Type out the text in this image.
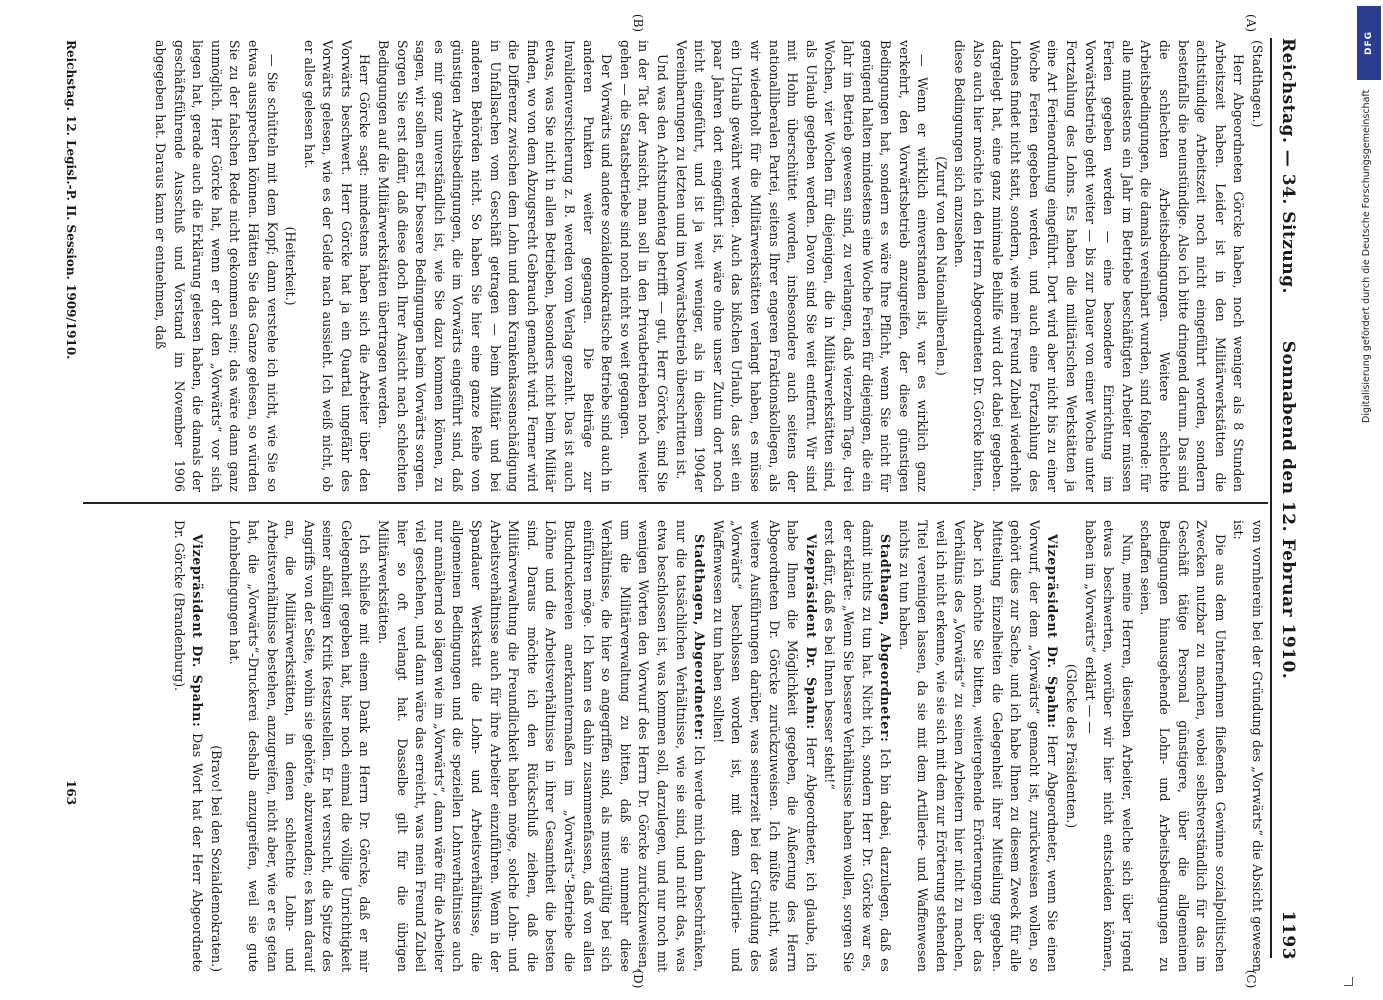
Reichstag. — 34. Sitzung.
Sonnabend den 12. Februar 1910.
1193
(A)
(B)
(C)
(D)

(Stadthagen.)

Herr Abgeordneten Görcke haben, noch weniger als 8 Stunden Arbeitszeit haben. Leider ist in den Militärwerkstätten die achtstündige Arbeitszeit noch nicht eingeführt worden, sondern bestenfalls die neunstündige. Also ich bitte dringend darum. Das sind die schlechten Arbeitsbedingungen. Weitere schlechte Arbeitsbedingungen, die damals vereinbart wurden, sind folgende: für alle mindestens ein Jahr im Betriebe beschäftigten Arbeiter müssen Ferien gegeben werden — eine besondere Einrichtung im Vorwärtsbetrieb geht weiter — bis zur Dauer von einer Woche unter Fortzahlung des Lohns. Es haben die militärischen Werkstätten ja eine Art Ferienordnung eingeführt. Dort wird aber nicht bis zu einer Woche Ferien gegeben werden, und auch eine Fortzahlung des Lohnes findet nicht statt, sondern, wie mein Freund Zubeil wiederholt dargelegt hat, eine ganz minimale Beihilfe wird dort dabei gegeben. Also auch hier möchte ich den Herrn Abgeordneten Dr. Görcke bitten, diese Bedingungen sich anzusehen.

(Zuruf von den Nationalliberalen.)

— Wenn er wirklich einverstanden ist, war es wirklich ganz verkehrt, den Vorwärtsbetrieb anzugreifen, der diese günstigen Bedingungen hat, sondern es wäre Ihre Pflicht, wenn Sie nicht für genügend halten mindestens eine Woche Ferien für diejenigen, die ein Jahr im Betrieb gewesen sind, zu verlangen, daß vierzehn Tage, drei Wochen, vier Wochen für diejenigen, die in Militärwerkstätten sind, als Urlaub gegeben werden. Davon sind Sie weit entfernt. Wir sind mit Hohn überschüttet worden, insbesondere auch seitens der nationalliberalen Partei, seitens Ihrer engeren Fraktionskollegen, als wir wiederholt für die Militärwerkstätten verlangt haben, es müsse ein Urlaub gewährt werden. Auch das bißchen Urlaub, das seit ein paar Jahren dort eingeführt ist, wäre ohne unser Zutun dort noch nicht eingeführt, und ist ja weit weniger, als in diesem 1904er Vereinbarungen zu letzten und im Vorwärtsbetrieb überschritten ist.

Und was den Achtstundentag betrifft — gut, Herr Görcke, sind Sie in der Tat der Ansicht, man soll in den Privatbetrieben noch weiter gehen — die Staatsbetriebe sind noch nicht so weit gegangen.

Der Vorwärts und andere sozialdemokratische Betriebe sind auch in anderen Punkten weiter gegangen. Die Beiträge zur Invalidenversicherung z. B. werden vom Verlag gezahlt. Das ist auch etwas, was Sie nicht in allen Betrieben, besonders nicht beim Militär finden, wo von dem Abzugsrecht Gebrauch gemacht wird. Ferner wird die Differenz zwischen dem Lohn und dem Krankenkassenschädigung in Unfallsachen vom Geschäft getragen — beim Militär und bei anderen Behörden nicht. So haben Sie hier eine ganze Reihe von günstigen Arbeitsbedingungen, die im Vorwärts eingeführt sind, daß es mir ganz unverständlich ist, wie Sie dazu kommen können, zu sagen, wir sollen erst für bessere Bedingungen beim Vorwärts sorgen. Sorgen Sie erst dafür, daß diese doch Ihrer Ansicht nach schlechten Bedingungen auf die Militärwerkstätten übertragen werden.

Herr Görcke sagt: mindestens haben sich die Arbeiter über den Vorwärts beschwert. Herr Görcke hat ja ein Quartal ungefähr des Vorwärts gelesen, wie es der Gelde nach aussieht. Ich weiß nicht, ob er alles gelesen hat.

(Heiterkeit.)

— Sie schütteln mit dem Kopf; dann verstehe ich nicht, wie Sie so etwas aussprechen können. Hätten Sie das Ganze gelesen, so würden Sie zu der falschen Rede nicht gekommen sein; das wäre dann ganz unmöglich. Herr Görcke hat, wenn er dort den „Vorwärts“ vor sich liegen hat, gerade auch die Erklärung gelesen haben, die damals der geschäftsführende Ausschuß und Vorstand im November 1906 abgegeben hat. Daraus kann er entnehmen, daß

von vornherein bei der Gründung des „Vorwärts“ die Absicht gewesen ist:

Die aus dem Unternehmen fließenden Gewinne sozialpolitischen Zwecken nutzbar zu machen, wobei selbstverständlich für das im Geschäft tätige Personal günstigere, über die allgemeinen Bedingungen hinausgehende Lohn- und Arbeitsbedingungen zu schaffen seien.

Nun, meine Herren, dieselben Arbeiter, welche sich über irgend etwas beschwerten, worüber wir hier nicht entscheiden können, haben im „Vorwärts“ erklärt — —

(Glocke des Präsidenten.)

Vizepräsident Dr. Spahn: Herr Abgeordneter, wenn Sie einen Vorwurf, der dem „Vorwärts“ gemacht ist, zurückweisen wollen, so gehört dies zur Sache, und ich habe Ihnen zu diesem Zweck für alle Mitteilung Einzelheiten die Gelegenheit ihrer Mitteilung gegeben. Aber ich möchte Sie bitten, weitergehende Erörterungen über das Verhältnis des „Vorwärts“ zu seinen Arbeitern hier nicht zu machen, weil ich nicht erkenne, wie sie sich mit dem zur Erörterung stehenden Titel vereinigen lassen, da sie mit dem Artillerie- und Waffenwesen nichts zu tun haben.

Stadthagen, Abgeordneter: Ich bin dabei, darzulegen, daß es damit nichts zu tun hat. Nicht ich, sondern Herr Dr. Görcke war es, der erklärte: „Wenn Sie bessere Verhältnisse haben wollen, sorgen Sie erst dafür, daß es bei Ihnen besser steht!“

Vizepräsident Dr. Spahn: Herr Abgeordneter, ich glaube, ich habe Ihnen die Möglichkeit gegeben, die Äußerung des Herrn Abgeordneten Dr. Görcke zurückzuweisen. Ich müßte nicht, was weitere Ausführungen darüber, was seinerzeit bei der Gründung des „Vorwärts“ beschlossen worden ist, mit dem Artillerie- und Waffenwesen zu tun haben sollten!

Stadthagen, Abgeordneter: Ich werde mich dann beschränken, nur die tatsächlichen Verhältnisse, wie sie sind, und nicht das, was etwa beschlossen ist, was kommen soll, darzulegen, und nur noch mit wenigen Worten den Vorwurf des Herrn Dr. Görcke zurückzuweisen, um die Militärverwaltung zu bitten, daß sie nunmehr diese Verhältnisse, die hier so angegriffen sind, als mustergültig bei sich einführen möge. Ich kann es dahin zusammenfassen, daß von allen Buchdruckereien anerkanntermaßen im „Vorwärts“-Betriebe die Löhne und die Arbeitsverhältnisse in ihrer Gesamtheit die besten sind. Daraus möchte ich den Rückschluß ziehen, daß die Militärverwaltung die Freundlichkeit haben möge, solche Lohn- und Arbeitsverhältnisse auch für ihre Arbeiter einzuführen. Wenn in der Spandauer Werkstatt die Lohn- und Arbeitsverhältnisse, die allgemeinen Bedingungen und die speziellen Lohnverhältnisse auch nur annähernd so lägen wie im „Vorwärts“, dann wäre für die Arbeiter viel geschehen, und dann wäre das erreicht, was mein Freund Zubeil hier so oft verlangt hat. Dasselbe gilt für die übrigen Militärwerkstätten.

Ich schließe mit einem Dank an Herrn Dr. Görcke, daß er mir Gelegenheit gegeben hat, hier noch einmal die völlige Unrichtigkeit seiner abfälligen Kritik festzustellen. Er hat versucht, die Spitze des Angriffs von der Seite, wohin sie gehörte, abzuwenden; es kam darauf an, die Militärwerkstätten, in denen schlechte Lohn- und Arbeitsverhältnisse bestehen, anzugreifen, nicht aber, wie er es getan hat, die „Vorwärts“-Druckerei deshalb anzugreifen, weil sie gute Lohnbedingungen hat.

(Bravo! bei den Sozialdemokraten.)

Vizepräsident Dr. Spahn: Das Wort hat der Herr Abgeordnete Dr. Görcke (Brandenburg).

Reichstag. 12. Legisl.-P. II. Session. 1909/1910.
163
DFG
Digitalisierung gefördert durch die Deutsche Forschungsgemeinschaft
